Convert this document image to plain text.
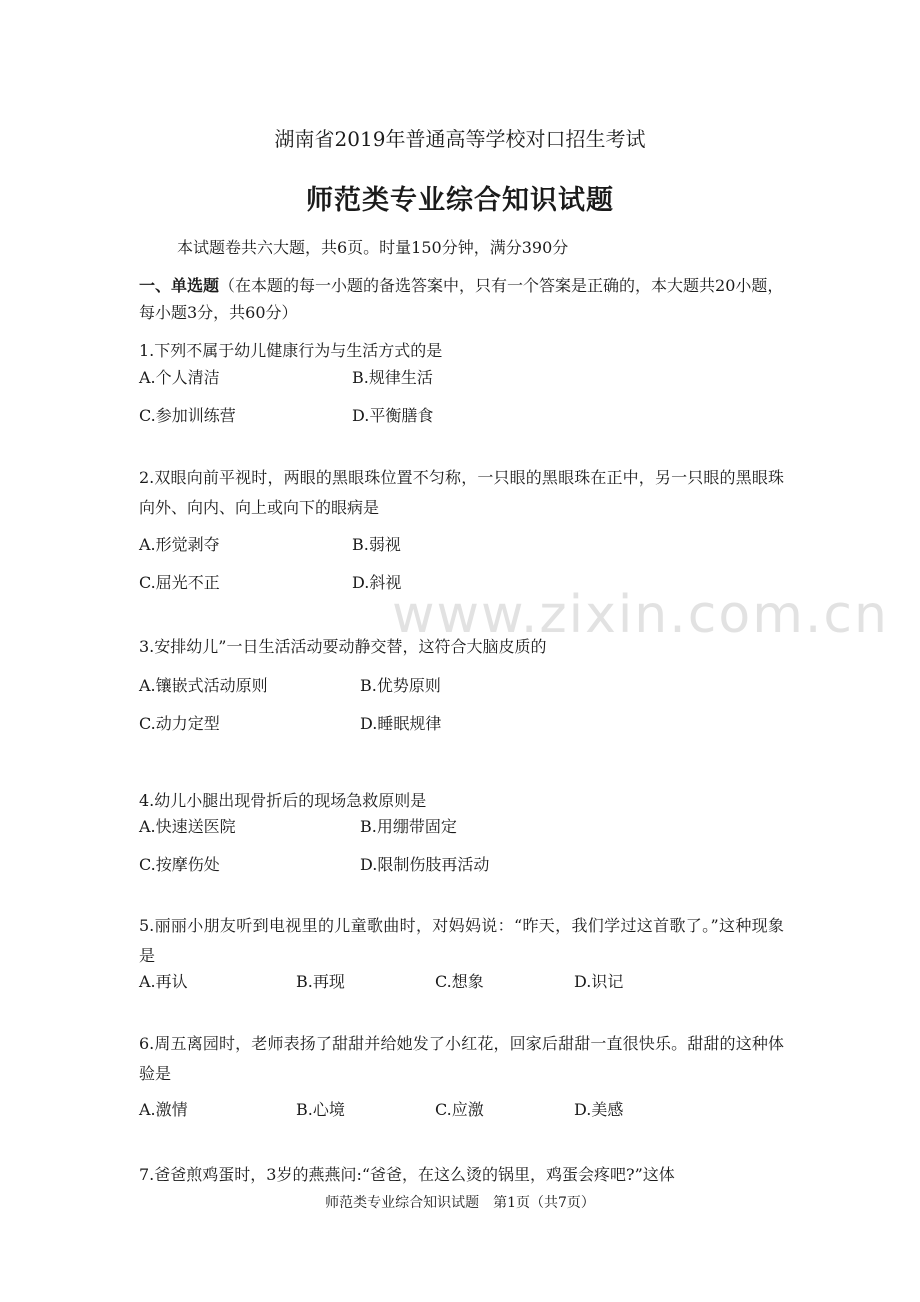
www.zixin.com.cn
湖南省2019年普通高等学校对口招生考试
师范类专业综合知识试题
本试题卷共六大题，共6页。时量150分钟，满分390分
一、单选题（在本题的每一小题的备选答案中，只有一个答案是正确的，本大题共20小题，每小题3分，共60分）
1.下列不属于幼儿健康行为与生活方式的是
A.个人清洁	B.规律生活
C.参加训练营	D.平衡膳食
2.双眼向前平视时，两眼的黑眼珠位置不匀称，一只眼的黑眼珠在正中，另一只眼的黑眼珠向外、向内、向上或向下的眼病是
A.形觉剥夺	B.弱视
C.屈光不正	D.斜视
3.安排幼儿”一日生活活动要动静交替，这符合大脑皮质的
A.镶嵌式活动原则	B.优势原则
C.动力定型	D.睡眠规律
4.幼儿小腿出现骨折后的现场急救原则是
A.快速送医院	B.用绷带固定
C.按摩伤处	D.限制伤肢再活动
5.丽丽小朋友听到电视里的儿童歌曲时，对妈妈说：“昨天，我们学过这首歌了。”这种现象是
A.再认	B.再现	C.想象	D.识记
6.周五离园时，老师表扬了甜甜并给她发了小红花，回家后甜甜一直很快乐。甜甜的这种体验是
A.激情	B.心境	C.应激	D.美感
7.爸爸煎鸡蛋时，3岁的燕燕问:“爸爸，在这么烫的锅里，鸡蛋会疼吧?”这体
师范类专业综合知识试题　第1页（共7页）
